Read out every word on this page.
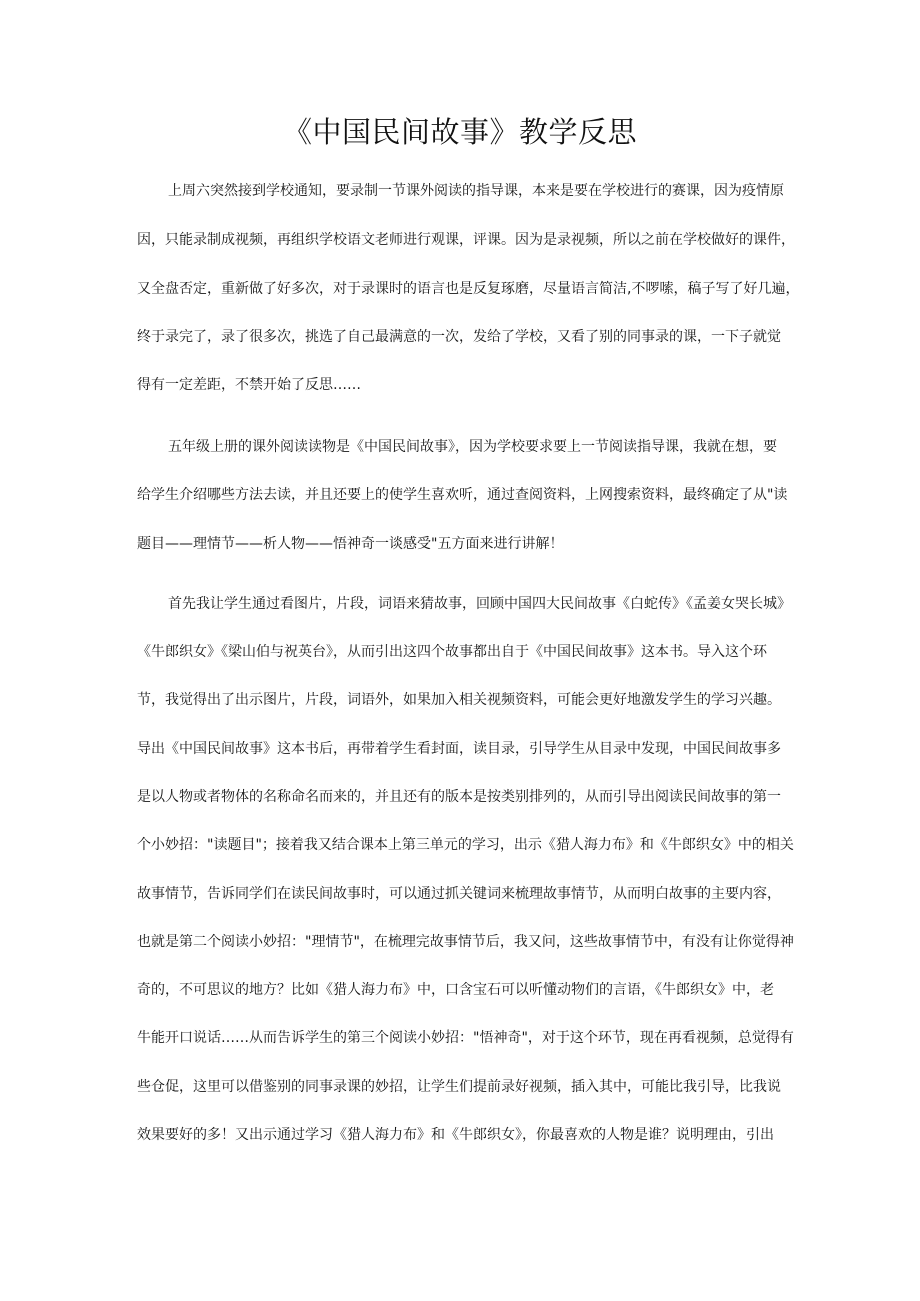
《中国民间故事》教学反思
上周六突然接到学校通知，要录制一节课外阅读的指导课，本来是要在学校进行的赛课，因为疫情原
因，只能录制成视频，再组织学校语文老师进行观课，评课。因为是录视频，所以之前在学校做好的课件，
又全盘否定，重新做了好多次，对于录课时的语言也是反复琢磨，尽量语言简洁,不啰嗦，稿子写了好几遍，
终于录完了，录了很多次，挑选了自己最满意的一次，发给了学校，又看了别的同事录的课，一下子就觉
得有一定差距，不禁开始了反思……
五年级上册的课外阅读读物是《中国民间故事》，因为学校要求要上一节阅读指导课，我就在想，要
给学生介绍哪些方法去读，并且还要上的使学生喜欢听，通过查阅资料，上网搜索资料，最终确定了从"读
题目——理情节——析人物——悟神奇一谈感受"五方面来进行讲解！
首先我让学生通过看图片，片段，词语来猜故事，回顾中国四大民间故事《白蛇传》《孟姜女哭长城》
《牛郎织女》《梁山伯与祝英台》，从而引出这四个故事都出自于《中国民间故事》这本书。导入这个环
节，我觉得出了出示图片，片段，词语外，如果加入相关视频资料，可能会更好地激发学生的学习兴趣。
导出《中国民间故事》这本书后，再带着学生看封面，读目录，引导学生从目录中发现，中国民间故事多
是以人物或者物体的名称命名而来的，并且还有的版本是按类别排列的，从而引导出阅读民间故事的第一
个小妙招："读题目"；接着我又结合课本上第三单元的学习，出示《猎人海力布》和《牛郎织女》中的相关
故事情节，告诉同学们在读民间故事时，可以通过抓关键词来梳理故事情节，从而明白故事的主要内容，
也就是第二个阅读小妙招："理情节"，在梳理完故事情节后，我又问，这些故事情节中，有没有让你觉得神
奇的，不可思议的地方？比如《猎人海力布》中，口含宝石可以听懂动物们的言语，《牛郎织女》中，老
牛能开口说话……从而告诉学生的第三个阅读小妙招："悟神奇"，对于这个环节，现在再看视频，总觉得有
些仓促，这里可以借鉴别的同事录课的妙招，让学生们提前录好视频，插入其中，可能比我引导，比我说
效果要好的多！又出示通过学习《猎人海力布》和《牛郎织女》，你最喜欢的人物是谁？说明理由，引出
